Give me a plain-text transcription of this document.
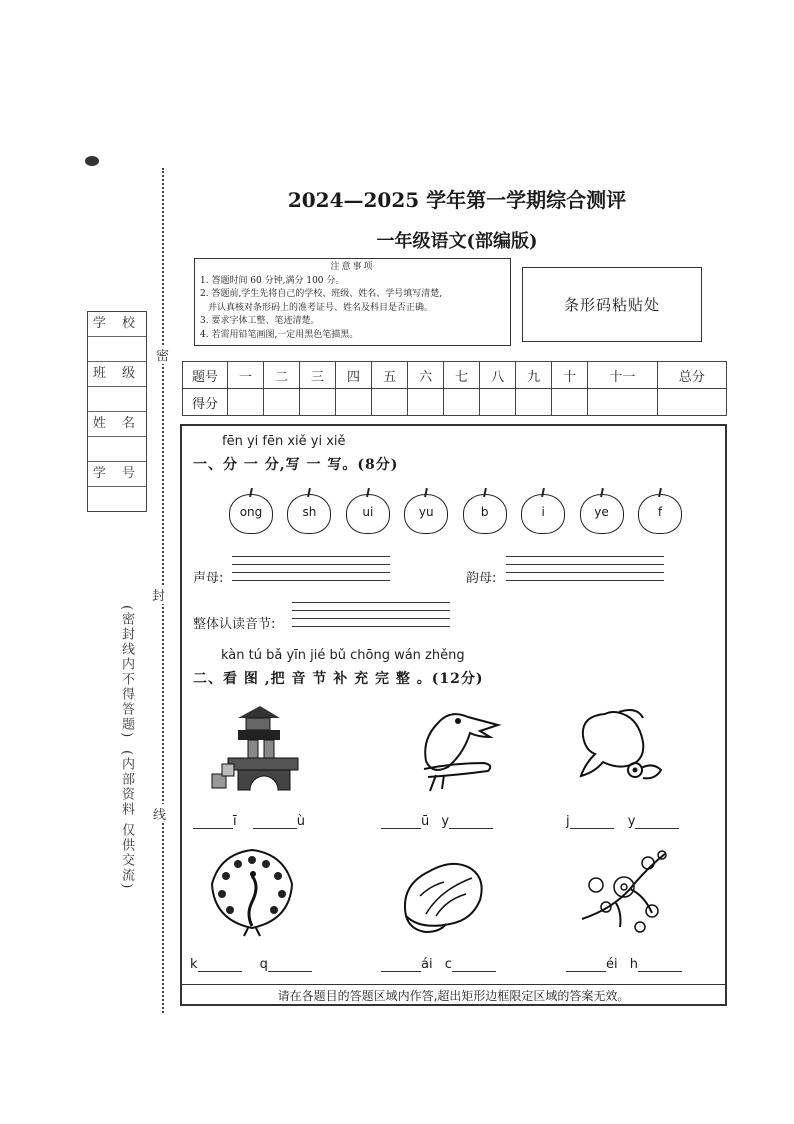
学 校
班 级
姓 名
学 号
密
封
线
(密封线内不得答题)
(内部资料 仅供交流)
2024—2025 学年第一学期综合测评
一年级语文(部编版)
注意事项
1. 答题时间 60 分钟,满分 100 分。
2. 答题前,学生先将自己的学校、班级、姓名、学号填写清楚,
并认真核对条形码上的准考证号、姓名及科目是否正确。
3. 要求字体工整、笔迹清楚。
4. 若需用铅笔画图,一定用黑色笔描黑。
条形码粘贴处
题号	一	二	三	四	五	六	七	八	九	十	十一	总分
得分												
fēn yi fēn xiě yi xiě
一、分 一 分,写 一 写。(8分)
ong	sh	ui	yu	b	i	ye	f
声母:	韵母:
整体认读音节:
kàn tú bǎ yīn jié bǔ chōng wán zhěng
二、看 图 ,把 音 节 补 充 完 整 。(12分)
ī	ù	ū y	j	y
k	q	ái c	éi h
请在各题目的答题区域内作答,超出矩形边框限定区域的答案无效。
